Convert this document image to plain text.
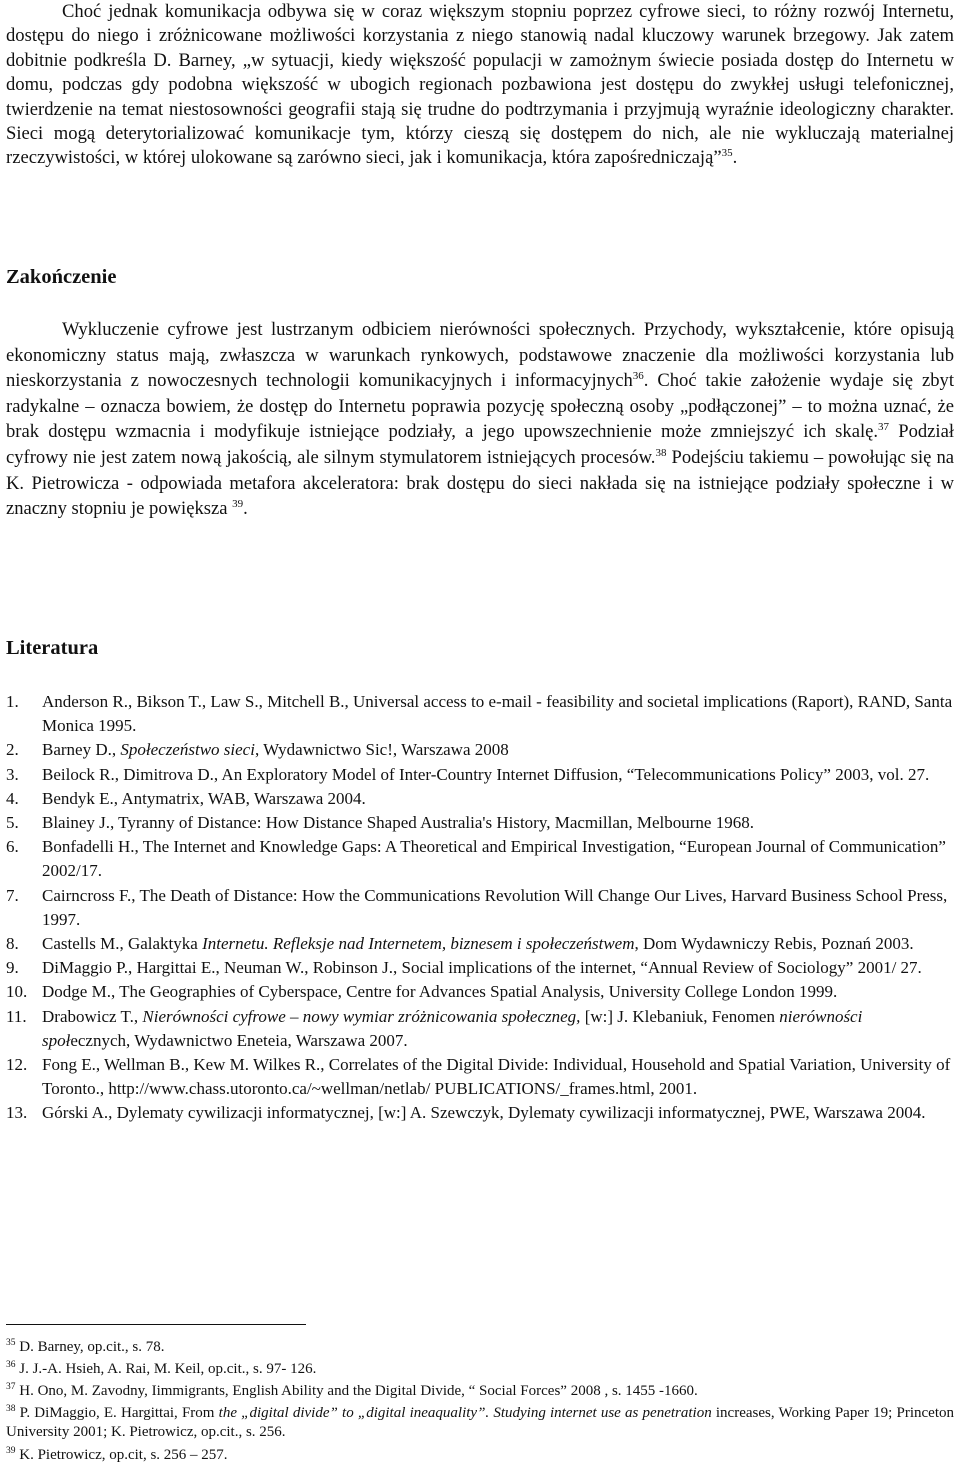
Choć jednak komunikacja odbywa się w coraz większym stopniu poprzez cyfrowe sieci, to różny rozwój Internetu, dostępu do niego i zróżnicowane możliwości korzystania z niego stanowią nadal kluczowy warunek brzegowy. Jak zatem dobitnie podkreśla D. Barney, „w sytuacji, kiedy większość populacji w zamożnym świecie posiada dostęp do Internetu w domu, podczas gdy podobna większość w ubogich regionach pozbawiona jest dostępu do zwykłej usługi telefonicznej, twierdzenie na temat niestosowności geografii stają się trudne do podtrzymania i przyjmują wyraźnie ideologiczny charakter. Sieci mogą deterytorializować komunikacje tym, którzy cieszą się dostępem do nich, ale nie wykluczają materialnej rzeczywistości, w której ulokowane są zarówno sieci, jak i komunikacja, która zapośredniczają”$^{35}$.

Zakończenie

Wykluczenie cyfrowe jest lustrzanym odbiciem nierówności społecznych. Przychody, wykształcenie, które opisują ekonomiczny status mają, zwłaszcza w warunkach rynkowych, podstawowe znaczenie dla możliwości korzystania lub nieskorzystania z nowoczesnych technologii komunikacyjnych i informacyjnych$^{36}$. Choć takie założenie wydaje się zbyt radykalne – oznacza bowiem, że dostęp do Internetu poprawia pozycję społeczną osoby „podłączonej” – to można uznać, że brak dostępu wzmacnia i modyfikuje istniejące podziały, a jego upowszechnienie może zmniejszyć ich skalę.$^{37}$ Podział cyfrowy nie jest zatem nową jakością, ale silnym stymulatorem istniejących procesów.$^{38}$ Podejściu takiemu – powołując się na K. Pietrowicza - odpowiada metafora akceleratora: brak dostępu do sieci nakłada się na istniejące podziały społeczne i w znaczny stopniu je powiększa $^{39}$.

Literatura
1.	Anderson R., Bikson T., Law S., Mitchell B., Universal access to e-mail - feasibility and societal implications (Raport), RAND, Santa Monica 1995.
2.	Barney D., Społeczeństwo sieci, Wydawnictwo Sic!, Warszawa 2008
3.	Beilock R., Dimitrova D., An Exploratory Model of Inter-Country Internet Diffusion, “Telecommunications Policy” 2003, vol. 27.
4.	Bendyk E., Antymatrix, WAB, Warszawa 2004.
5.	Blainey J., Tyranny of Distance: How Distance Shaped Australia's History, Macmillan, Melbourne 1968.
6.	Bonfadelli H., The Internet and Knowledge Gaps: A Theoretical and Empirical Investigation, “European Journal of Communication” 2002/17.
7.	Cairncross F., The Death of Distance: How the Communications Revolution Will Change Our Lives, Harvard Business School Press, 1997.
8.	Castells M., Galaktyka Internetu. Refleksje nad Internetem, biznesem i społeczeństwem, Dom Wydawniczy Rebis, Poznań 2003.
9.	DiMaggio P., Hargittai E., Neuman W., Robinson J., Social implications of the internet, “Annual Review of Sociology” 2001/ 27.
10. Dodge M., The Geographies of Cyberspace, Centre for Advances Spatial Analysis, University College London 1999.
11. Drabowicz T., Nierówności cyfrowe – nowy wymiar zróżnicowania społeczneg, [w:] J. Klebaniuk, Fenomen nierówności społecznych, Wydawnictwo Eneteia, Warszawa 2007.
12. Fong E., Wellman B., Kew M. Wilkes R., Correlates of the Digital Divide: Individual, Household and Spatial Variation, University of Toronto., http://www.chass.utoronto.ca/~wellman/netlab/ PUBLICATIONS/_frames.html, 2001.
13. Górski A., Dylematy cywilizacji informatycznej, [w:] A. Szewczyk, Dylematy cywilizacji informatycznej, PWE, Warszawa 2004.

$^{35}$ D. Barney, op.cit., s. 78.

$^{36}$ J. J.-A. Hsieh, A. Rai, M. Keil, op.cit., s. 97- 126.

$^{37}$ H. Ono, M. Zavodny, Iimmigrants, English Ability and the Digital Divide, “ Social Forces” 2008 , s. 1455 -1660.

$^{38}$ P. DiMaggio, E. Hargittai, From the „digital divide” to „digital ineaquality”. Studying internet use as penetration increases, Working Paper 19; Princeton University 2001; K. Pietrowicz, op.cit., s. 256.

$^{39}$ K. Pietrowicz, op.cit, s. 256 – 257.
